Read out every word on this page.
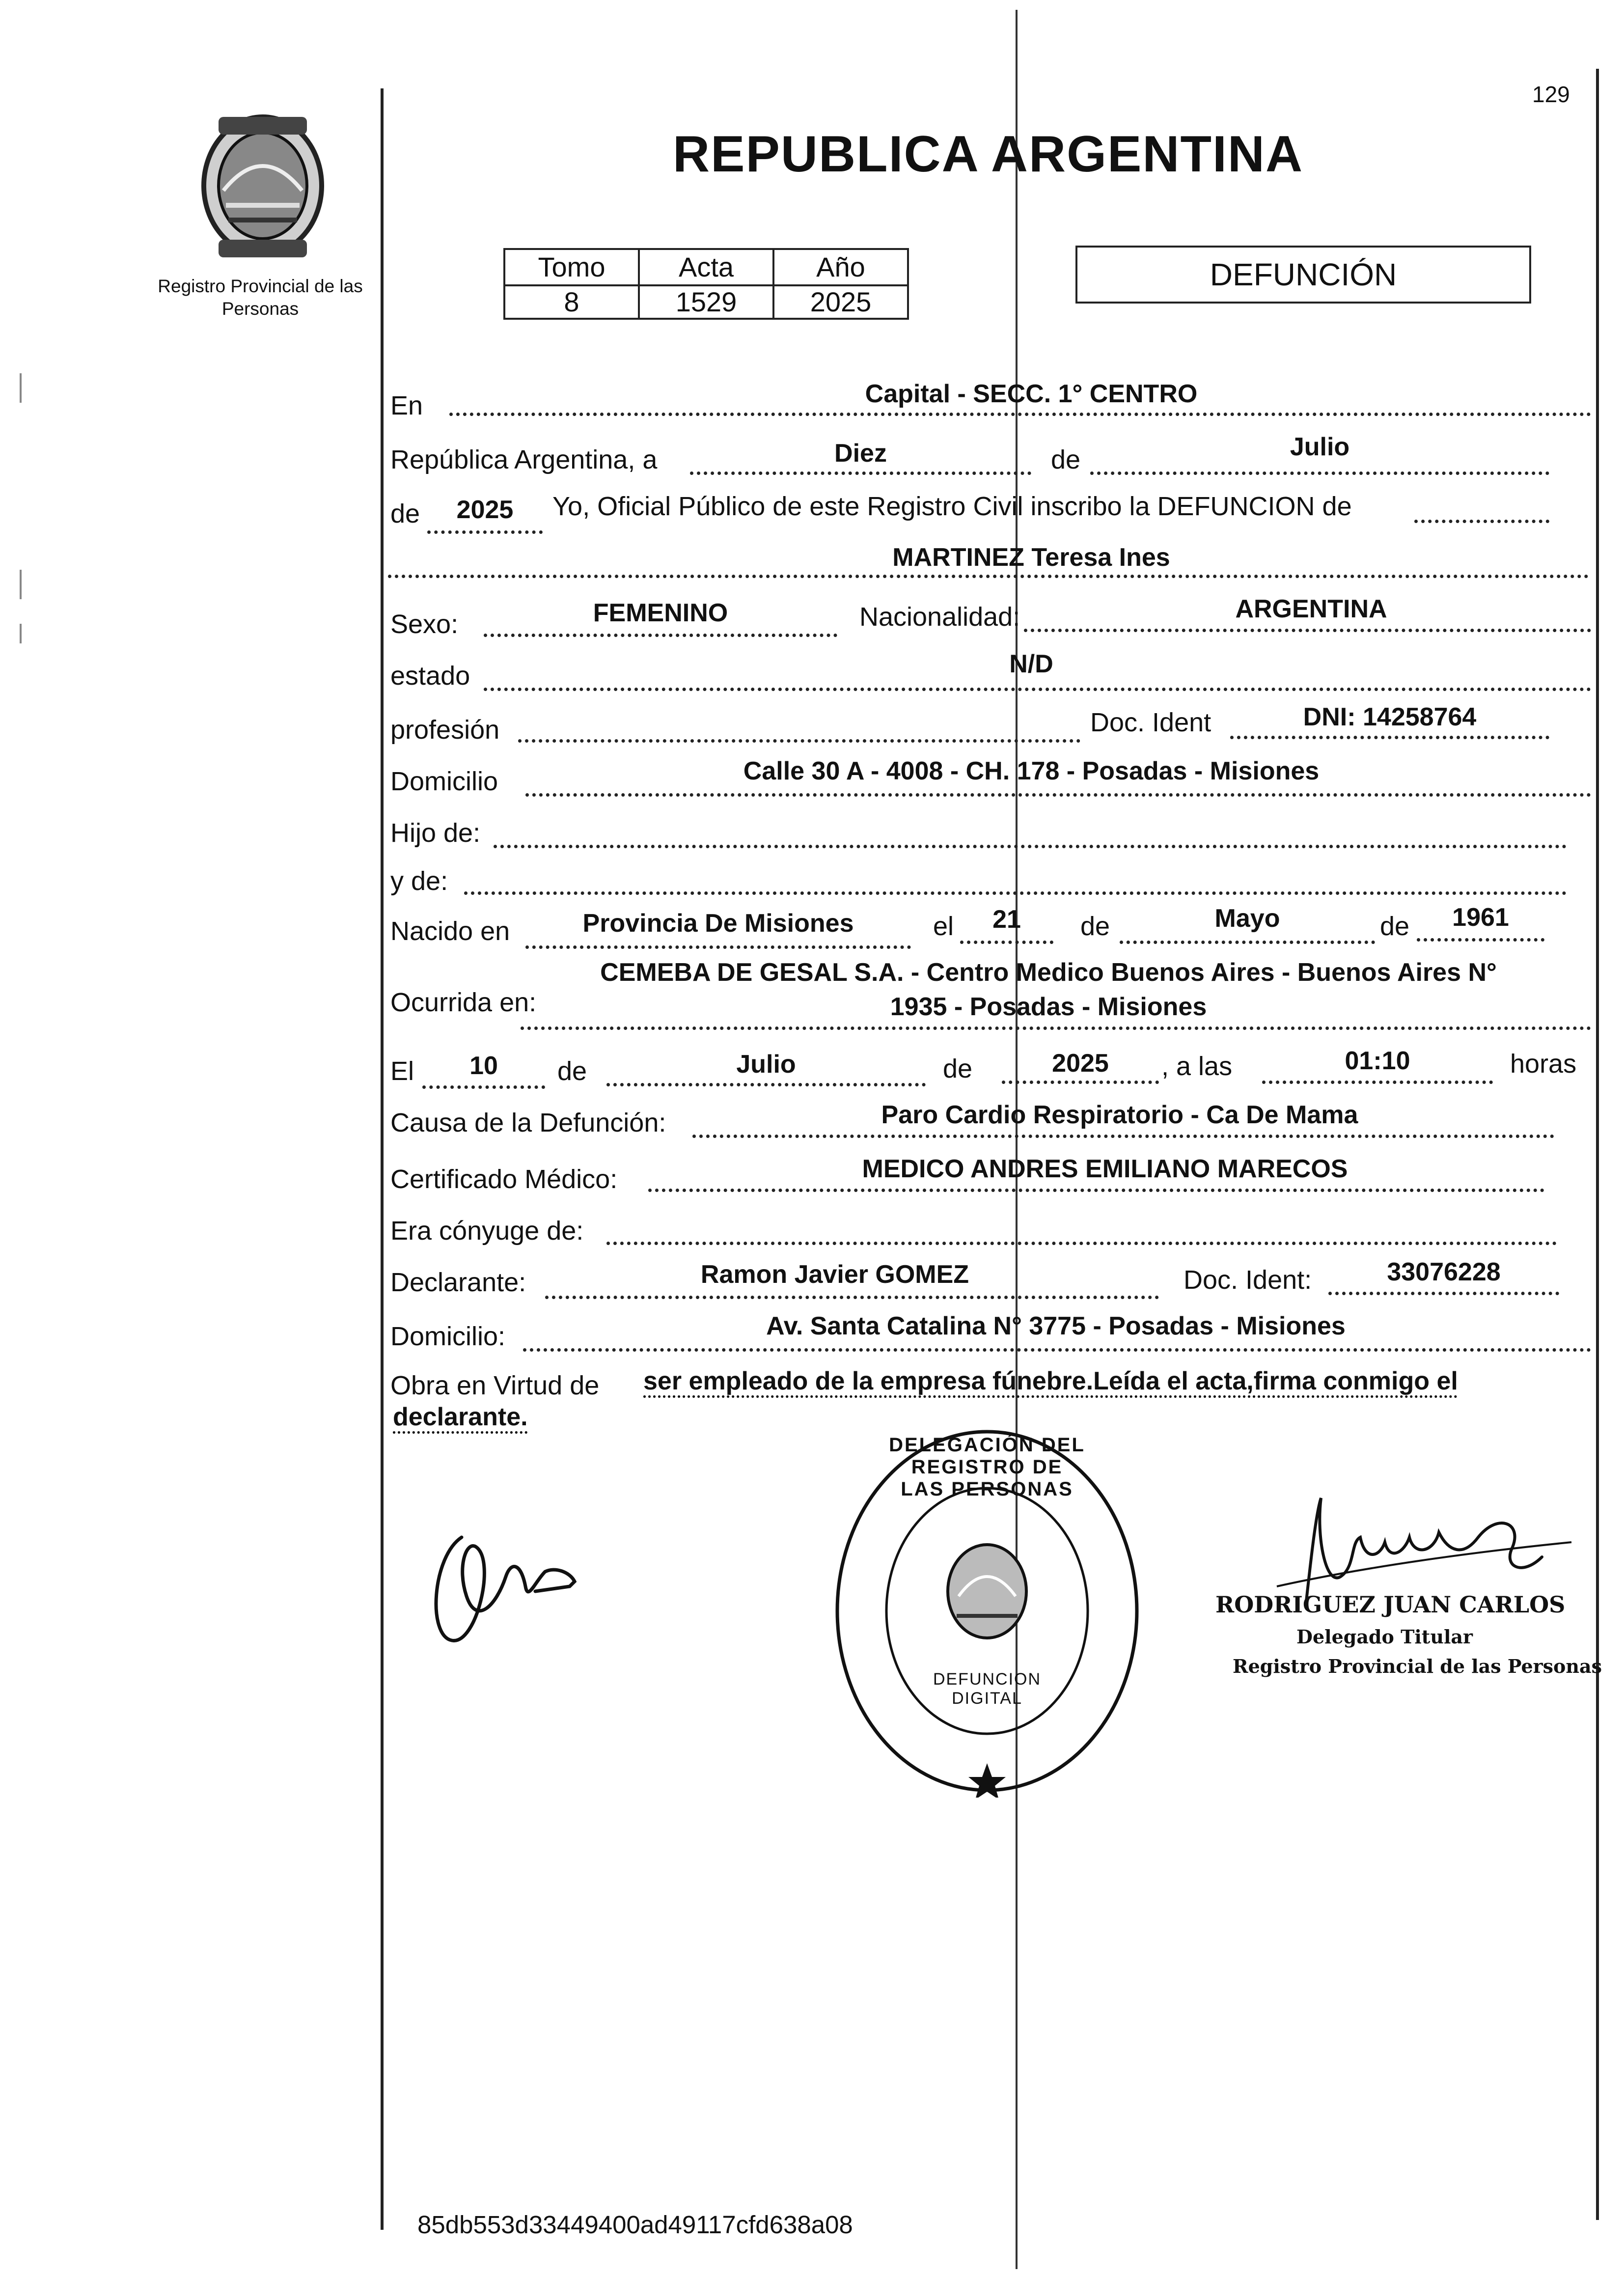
Registro Provincial de las Personas
129
REPUBLICA ARGENTINA
Tomo	Acta	Año
8	1529	2025
DEFUNCIÓN
En	Capital - SECC. 1° CENTRO
República Argentina, a	Diez	de	Julio
de	2025	Yo, Oficial Público de este Registro Civil inscribo la DEFUNCION de
MARTINEZ Teresa Ines
Sexo:	FEMENINO	Nacionalidad:	ARGENTINA
estado	N/D
profesión	Doc. Ident	DNI: 14258764
Domicilio	Calle 30 A - 4008 - CH. 178 - Posadas - Misiones
Hijo de:
y de:
Nacido en	Provincia De Misiones	el	21	de	Mayo	de	1961
Ocurrida en:
CEMEBA DE GESAL S.A. - Centro Medico Buenos Aires - Buenos Aires N°
1935 - Posadas - Misiones
El	10	de	Julio	de	2025	, a las	01:10	horas
Causa de la Defunción:	Paro Cardio Respiratorio - Ca De Mama
Certificado Médico:	MEDICO ANDRES EMILIANO MARECOS
Era cónyuge de:
Declarante:	Ramon Javier GOMEZ	Doc. Ident:	33076228
Domicilio:	Av. Santa Catalina N° 3775 - Posadas - Misiones
Obra en Virtud de ser empleado de la empresa fúnebre.Leída el acta,firma conmigo el
declarante.
DELEGACIÓN DEL REGISTRO DE LAS PERSONAS
DEFUNCION DIGITAL
RODRIGUEZ JUAN CARLOS
Delegado Titular
Registro Provincial de las Personas
85db553d33449400ad49117cfd638a08
